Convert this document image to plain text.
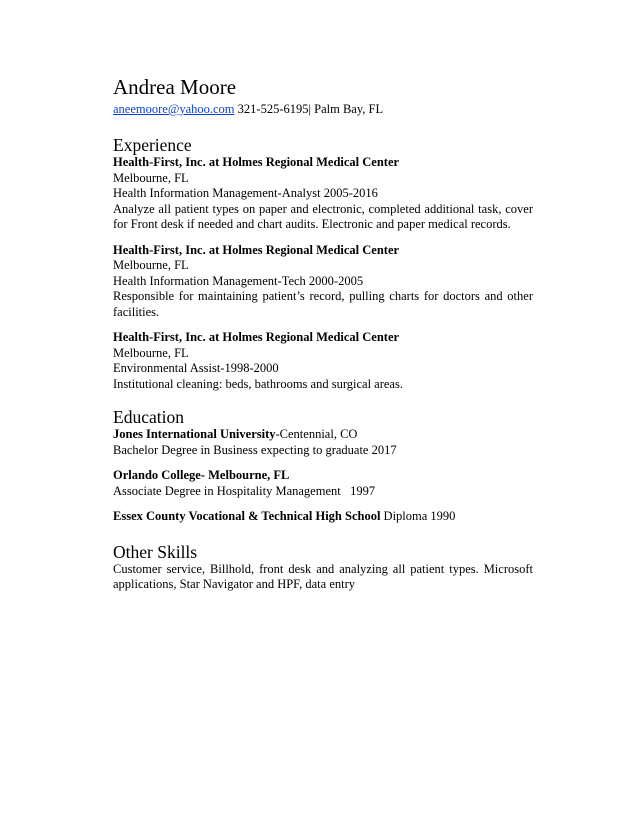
Andrea Moore
aneemoore@yahoo.com 321-525-6195| Palm Bay, FL
Experience
Health-First, Inc. at Holmes Regional Medical Center
Melbourne, FL
Health Information Management-Analyst 2005-2016
Analyze all patient types on paper and electronic, completed additional task, cover for Front desk if needed and chart audits. Electronic and paper medical records.
Health-First, Inc. at Holmes Regional Medical Center
Melbourne, FL
Health Information Management-Tech 2000-2005
Responsible for maintaining patient’s record, pulling charts for doctors and other facilities.
Health-First, Inc. at Holmes Regional Medical Center
Melbourne, FL
Environmental Assist-1998-2000
Institutional cleaning: beds, bathrooms and surgical areas.
Education
Jones International University-Centennial, CO
Bachelor Degree in Business expecting to graduate 2017
Orlando College- Melbourne, FL
Associate Degree in Hospitality Management   1997
Essex County Vocational & Technical High School Diploma 1990
Other Skills
Customer service, Billhold, front desk and analyzing all patient types. Microsoft applications, Star Navigator and HPF, data entry
